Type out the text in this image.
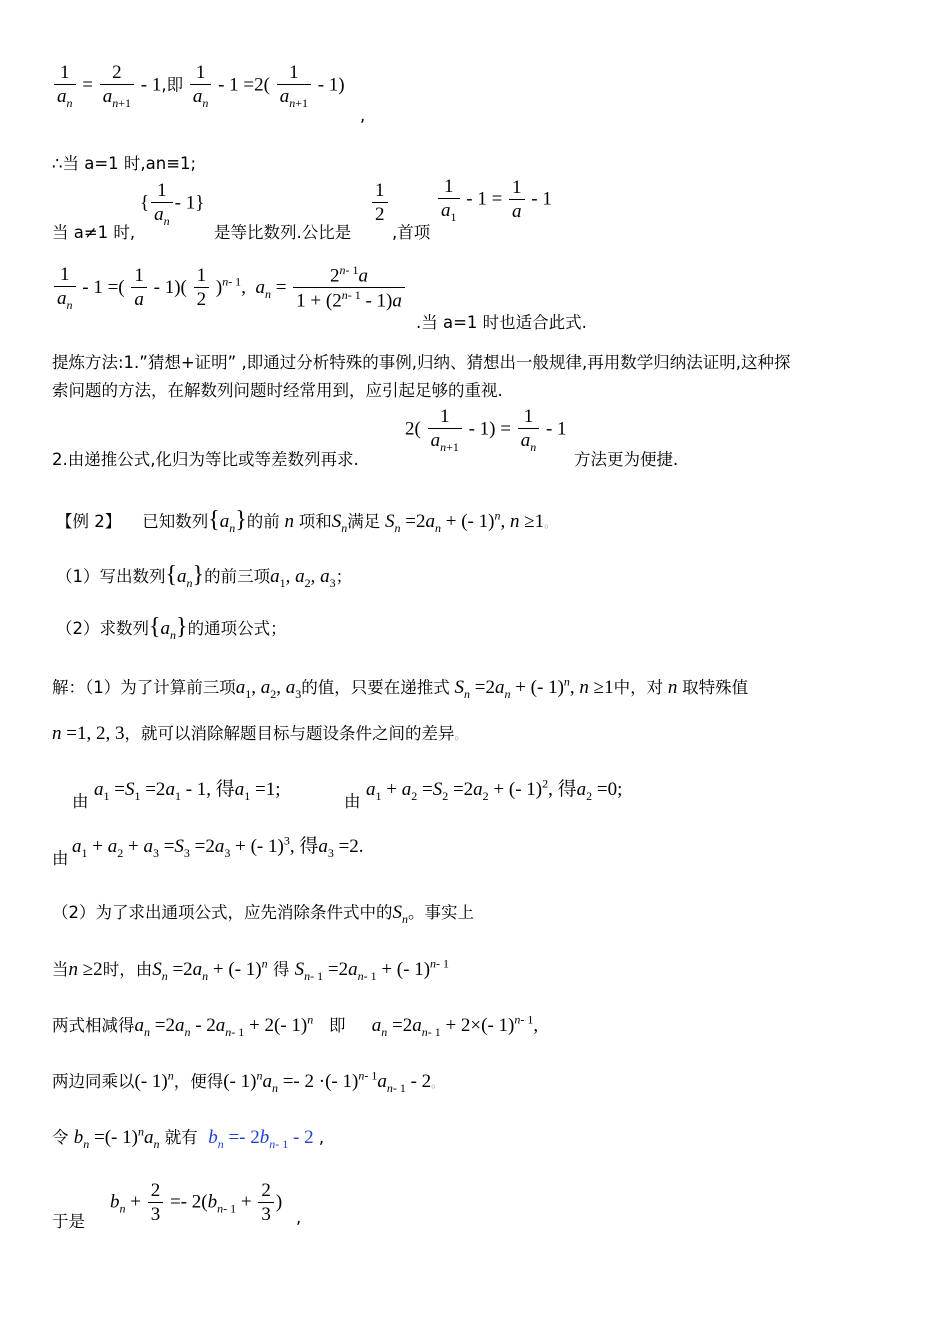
$\frac{1}{a_n} = \frac{2}{a_{n+1}} - 1$,即 $\frac{1}{a_n} - 1 =2( \frac{1}{a_{n+1}} - 1)$
,
∴当 a=1 时,an≡1;
当 a≠1 时,
{ $\frac{1}{a_n} - 1$}
是等比数列.公比是
$\frac{1}{2}$
,首项
$\frac{1}{a_1} - 1 = \frac{1}{a} - 1$
$\frac{1}{a_n} - 1$ =( $\frac{1}{a} - 1)( \frac{1}{2} )^{n- 1}$,  $a_n = \frac{2^{n- 1}a}{1 + (2^{n- 1} - 1)a}$
.当 a=1 时也适合此式.
提炼方法:1.”猜想+证明” ,即通过分析特殊的事例,归纳、猜想出一般规律,再用数学归纳法证明,这种探
索问题的方法，在解数列问题时经常用到，应引起足够的重视.
2.由递推公式,化归为等比或等差数列再求.
$2( \frac{1}{a_{n+1}} - 1) = \frac{1}{a_n} - 1$
方法更为便捷.
【例 2】 已知数列$\{a_n\}$的前 n 项和$S_n$满足 $S_n =2a_n$ + (- 1)$^n$, n ≥1。
（1）写出数列$\{a_n\}$的前三项$a_1$, $a_2$, $a_3$；
（2）求数列$\{a_n\}$的通项公式；
解：（1）为了计算前三项$a_1$, $a_2$, $a_3$的值，只要在递推式 $S_n =2a_n$ + (- 1)$^n$, n ≥1中，对 n 取特殊值
n =1, 2, 3，就可以消除解题目标与题设条件之间的差异。
由
$a_1 =S_1 =2a_1 - 1$, 得$a_1 =1$;
由
$a_1 + a_2 =S_2 =2a_2$ + (- 1)$^2$, 得$a_2 =0$;
由
$a_1 + a_2 + a_3 =S_3 =2a_3$ + (- 1)$^3$, 得$a_3 =2$.
（2）为了求出通项公式，应先消除条件式中的$S_n$。事实上
当n ≥2时，由$S_n =2a_n$ + (- 1)$^n$ 得 $S_{n- 1} =2a_{n- 1}$ + (- 1)$^{n- 1}$
两式相减得$a_n =2a_n - 2a_{n- 1} + 2(-$ 1)$^n$ 即 $a_n =2a_{n- 1} + 2\times(-$ 1)$^{n- 1}$,
两边同乘以(- 1)$^n$，便得(- $1)^na_n =- 2$ ·(- $1)^{n- 1}a_{n- 1} - 2$。
令 $b_n$ =(- $1)^na_n$ 就有 $b_n =- 2b_{n- 1} - 2$ ,
于是
$b_n + \frac{2}{3} =- 2(b_{n- 1} + \frac{2}{3}$ )
,
